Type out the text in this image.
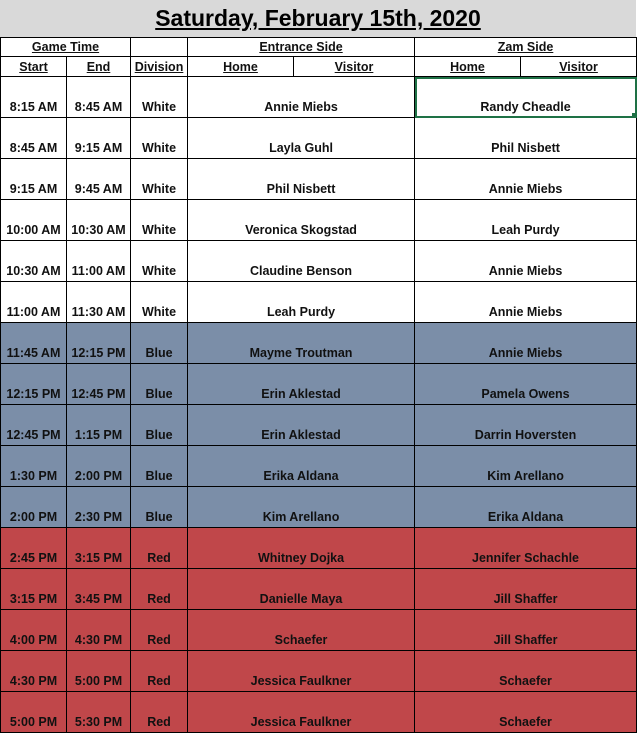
Saturday, February 15th, 2020
Game Time			Entrance Side		Zam Side	
Start	End	Division	Home	Visitor	Home	Visitor
8:15 AM	8:45 AM	White	Annie Miebs		Randy Cheadle	
8:45 AM	9:15 AM	White	Layla Guhl		Phil Nisbett	
9:15 AM	9:45 AM	White	Phil Nisbett		Annie Miebs	
10:00 AM	10:30 AM	White	Veronica Skogstad		Leah Purdy	
10:30 AM	11:00 AM	White	Claudine Benson		Annie Miebs	
11:00 AM	11:30 AM	White	Leah Purdy		Annie Miebs	
11:45 AM	12:15 PM	Blue	Mayme Troutman		Annie Miebs	
12:15 PM	12:45 PM	Blue	Erin Aklestad		Pamela Owens	
12:45 PM	1:15 PM	Blue	Erin Aklestad		Darrin Hoversten	
1:30 PM	2:00 PM	Blue	Erika Aldana		Kim Arellano	
2:00 PM	2:30 PM	Blue	Kim Arellano		Erika Aldana	
2:45 PM	3:15 PM	Red	Whitney Dojka		Jennifer Schachle	
3:15 PM	3:45 PM	Red	Danielle Maya		Jill Shaffer	
4:00 PM	4:30 PM	Red	Schaefer		Jill Shaffer	
4:30 PM	5:00 PM	Red	Jessica Faulkner		Schaefer	
5:00 PM	5:30 PM	Red	Jessica Faulkner		Schaefer	
